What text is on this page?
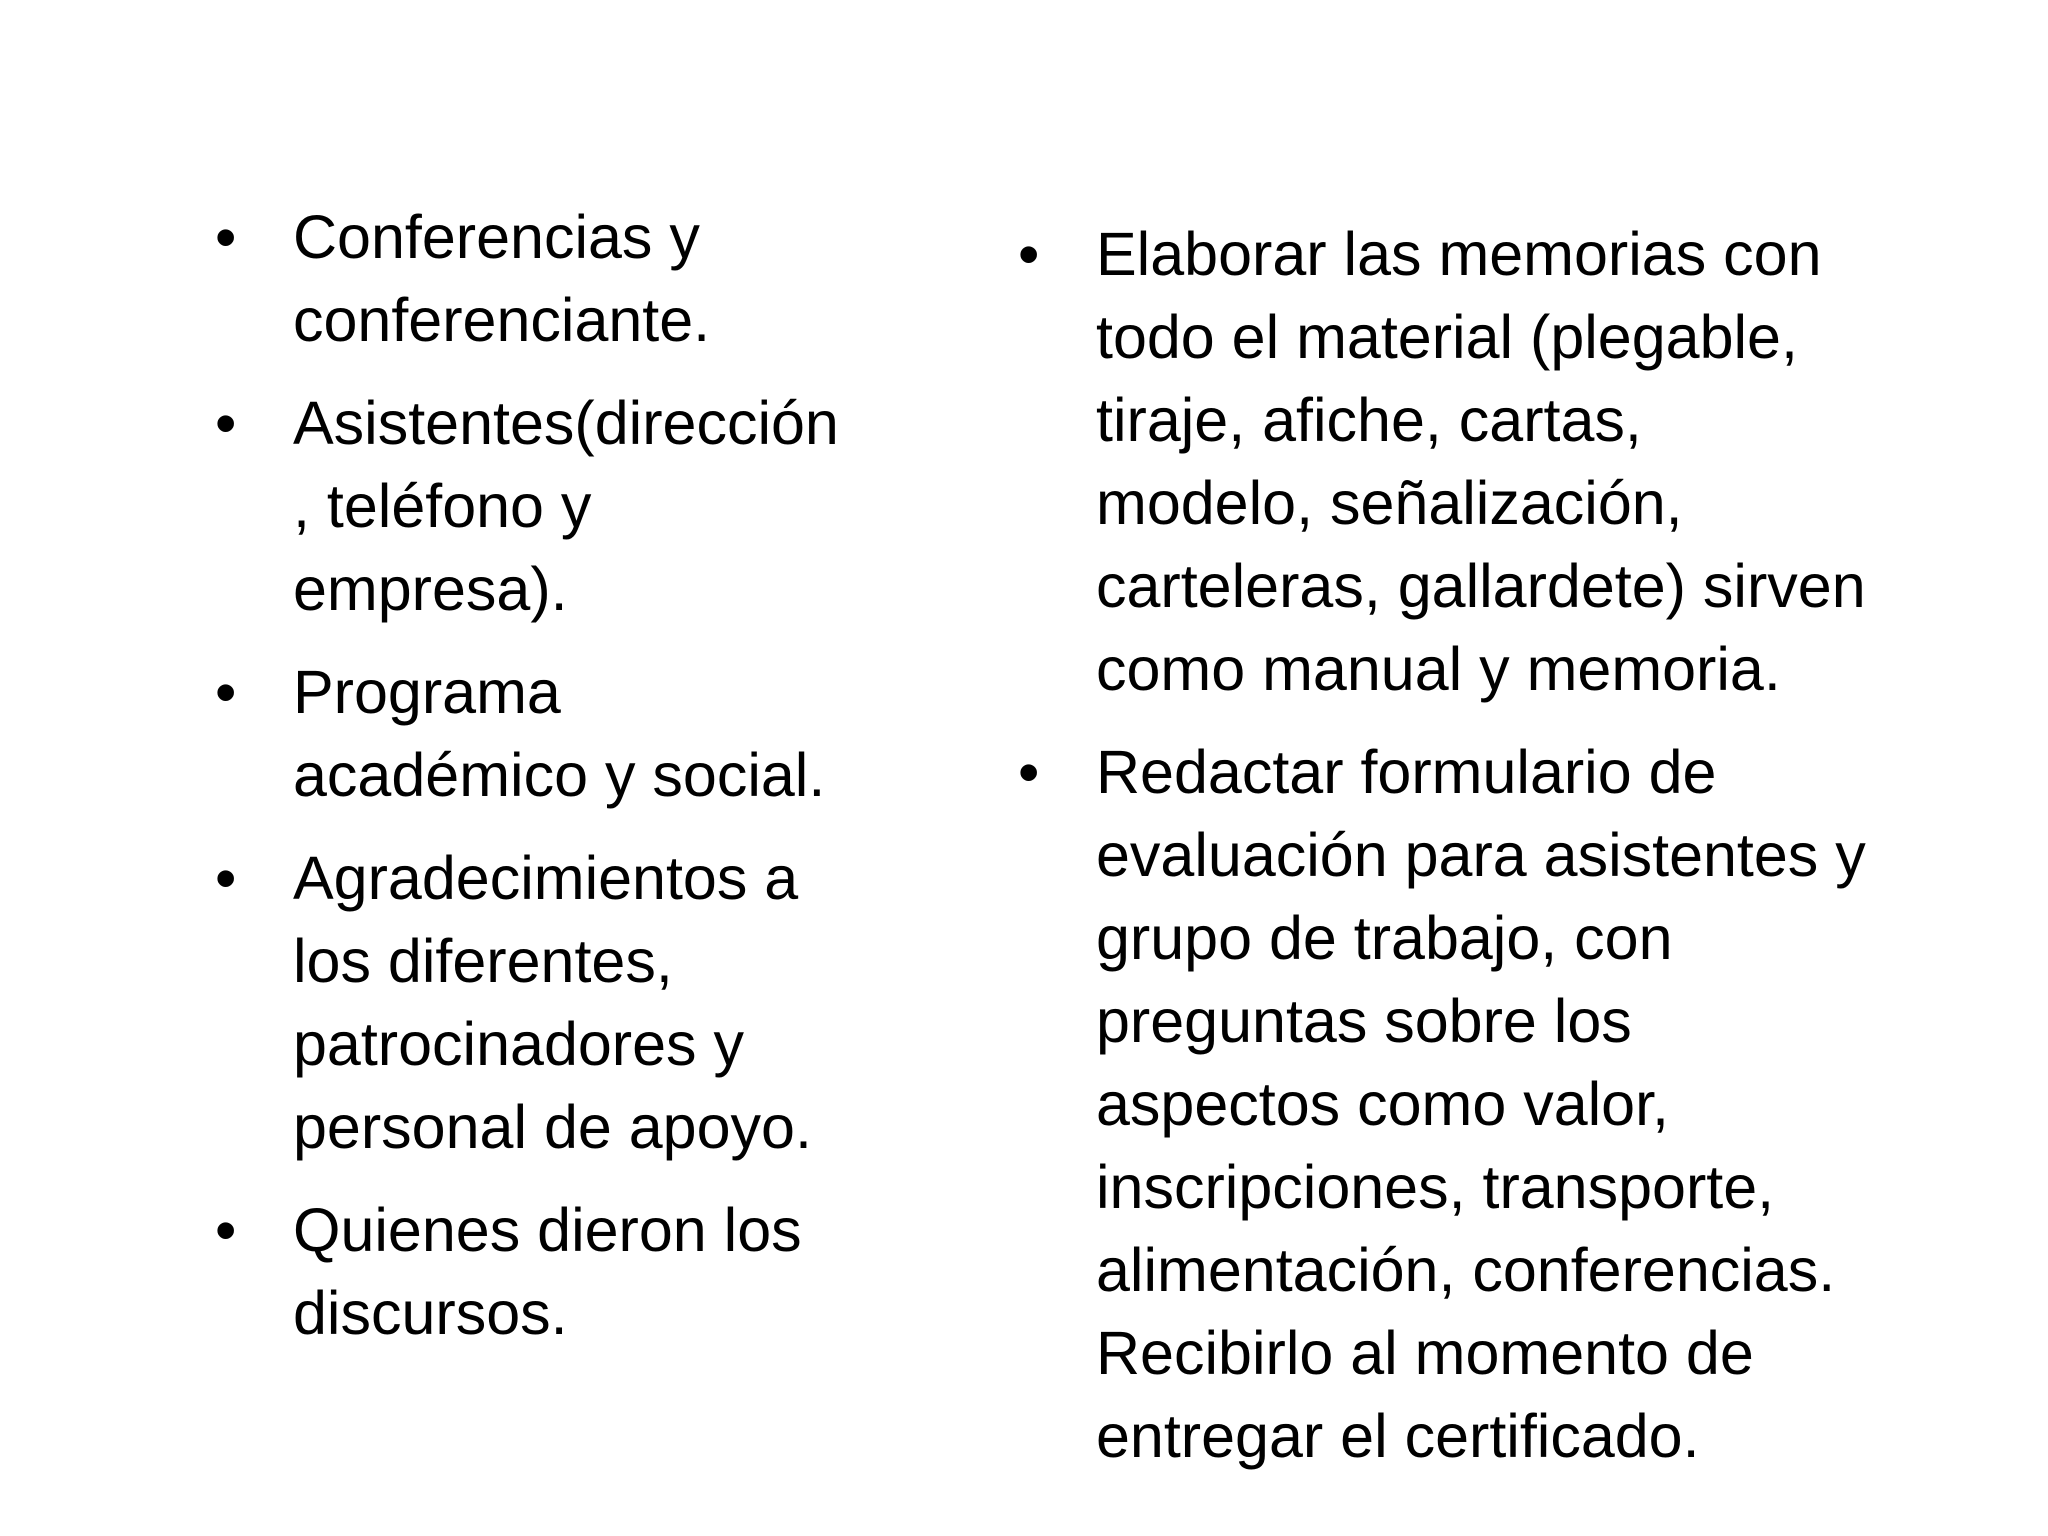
• Conferencias y
conferenciante.
• Asistentes(dirección
, teléfono y
empresa).
• Programa
académico y social.
• Agradecimientos a
los diferentes,
patrocinadores y
personal de apoyo.
• Quienes dieron los
discursos.
• Elaborar las memorias con
todo el material (plegable,
tiraje, afiche, cartas,
modelo, señalización,
carteleras, gallardete) sirven
como manual y memoria.
• Redactar formulario de
evaluación para asistentes y
grupo de trabajo, con
preguntas sobre los
aspectos como valor,
inscripciones, transporte,
alimentación, conferencias.
Recibirlo al momento de
entregar el certificado.
